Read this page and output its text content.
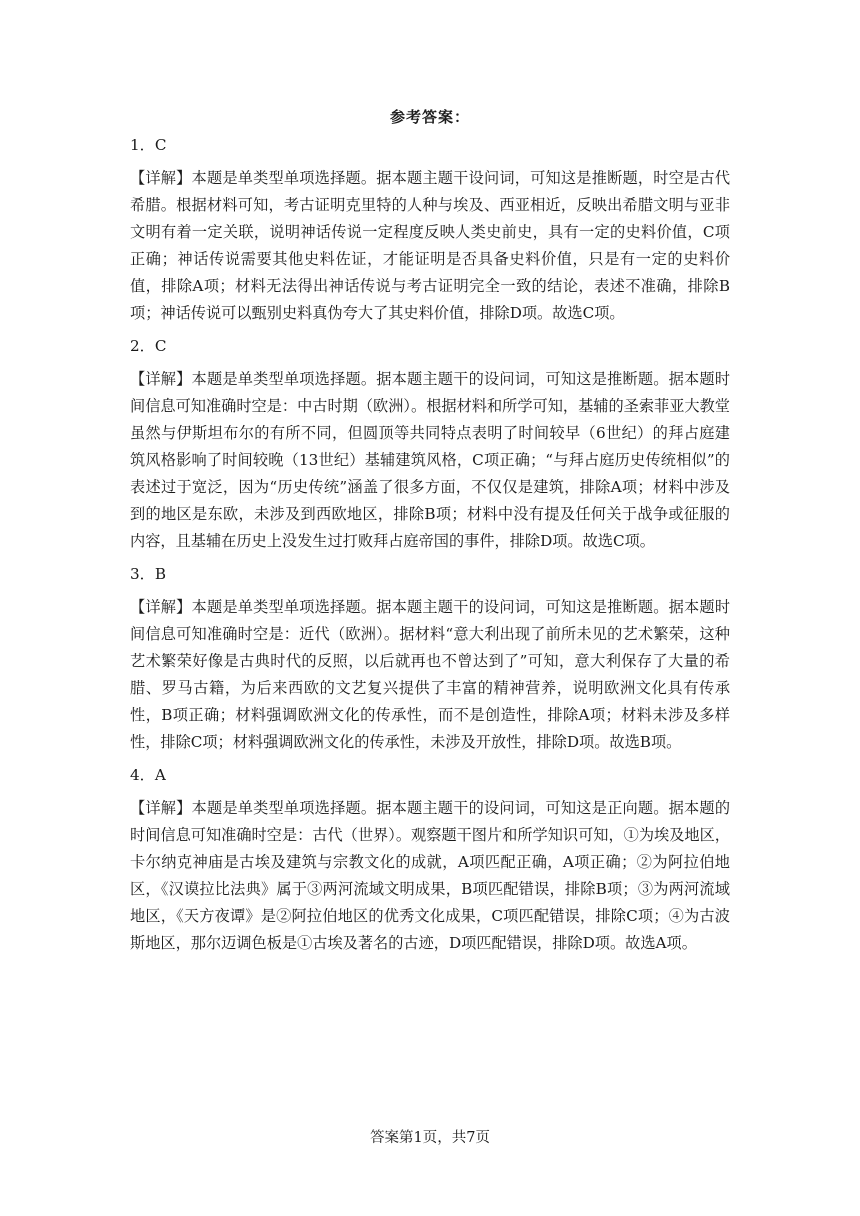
参考答案：
1．C
【详解】本题是单类型单项选择题。据本题主题干设问词，可知这是推断题，时空是古代希腊。根据材料可知，考古证明克里特的人种与埃及、西亚相近，反映出希腊文明与亚非文明有着一定关联，说明神话传说一定程度反映人类史前史，具有一定的史料价值，C项正确；神话传说需要其他史料佐证，才能证明是否具备史料价值，只是有一定的史料价值，排除A项；材料无法得出神话传说与考古证明完全一致的结论，表述不准确，排除B项；神话传说可以甄别史料真伪夸大了其史料价值，排除D项。故选C项。
2．C
【详解】本题是单类型单项选择题。据本题主题干的设问词，可知这是推断题。据本题时间信息可知准确时空是：中古时期（欧洲）。根据材料和所学可知，基辅的圣索菲亚大教堂虽然与伊斯坦布尔的有所不同，但圆顶等共同特点表明了时间较早（6世纪）的拜占庭建筑风格影响了时间较晚（13世纪）基辅建筑风格，C项正确；“与拜占庭历史传统相似”的表述过于宽泛，因为“历史传统”涵盖了很多方面，不仅仅是建筑，排除A项；材料中涉及到的地区是东欧，未涉及到西欧地区，排除B项；材料中没有提及任何关于战争或征服的内容，且基辅在历史上没发生过打败拜占庭帝国的事件，排除D项。故选C项。
3．B
【详解】本题是单类型单项选择题。据本题主题干的设问词，可知这是推断题。据本题时间信息可知准确时空是：近代（欧洲）。据材料“意大利出现了前所未见的艺术繁荣，这种艺术繁荣好像是古典时代的反照，以后就再也不曾达到了”可知，意大利保存了大量的希腊、罗马古籍，为后来西欧的文艺复兴提供了丰富的精神营养，说明欧洲文化具有传承性，B项正确；材料强调欧洲文化的传承性，而不是创造性，排除A项；材料未涉及多样性，排除C项；材料强调欧洲文化的传承性，未涉及开放性，排除D项。故选B项。
4．A
【详解】本题是单类型单项选择题。据本题主题干的设问词，可知这是正向题。据本题的时间信息可知准确时空是：古代（世界）。观察题干图片和所学知识可知，①为埃及地区，卡尔纳克神庙是古埃及建筑与宗教文化的成就，A项匹配正确，A项正确；②为阿拉伯地区，《汉谟拉比法典》属于③两河流域文明成果，B项匹配错误，排除B项；③为两河流域地区，《天方夜谭》是②阿拉伯地区的优秀文化成果，C项匹配错误，排除C项；④为古波斯地区，那尔迈调色板是①古埃及著名的古迹，D项匹配错误，排除D项。故选A项。
答案第1页，共7页
